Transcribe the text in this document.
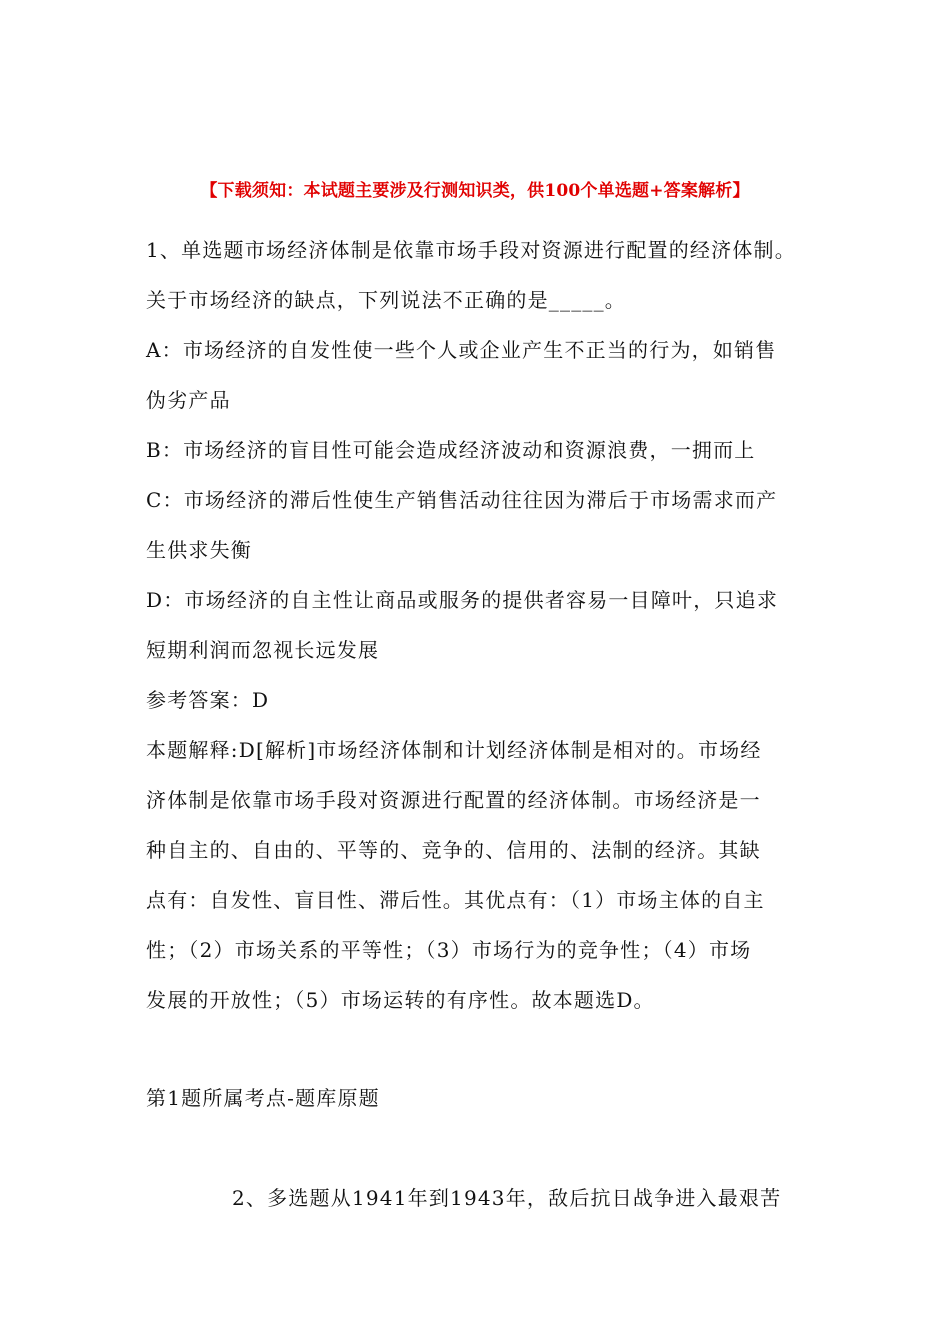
【下载须知：本试题主要涉及行测知识类，供100个单选题+答案解析】
1、单选题市场经济体制是依靠市场手段对资源进行配置的经济体制。
关于市场经济的缺点，下列说法不正确的是_____。
A：市场经济的自发性使一些个人或企业产生不正当的行为，如销售
伪劣产品
B：市场经济的盲目性可能会造成经济波动和资源浪费，一拥而上
C：市场经济的滞后性使生产销售活动往往因为滞后于市场需求而产
生供求失衡
D：市场经济的自主性让商品或服务的提供者容易一目障叶，只追求
短期利润而忽视长远发展
参考答案：D
本题解释:D[解析]市场经济体制和计划经济体制是相对的。市场经
济体制是依靠市场手段对资源进行配置的经济体制。市场经济是一
种自主的、自由的、平等的、竞争的、信用的、法制的经济。其缺
点有：自发性、盲目性、滞后性。其优点有：（1）市场主体的自主
性；（2）市场关系的平等性；（3）市场行为的竞争性；（4）市场
发展的开放性；（5）市场运转的有序性。故本题选D。
第1题所属考点-题库原题
2、多选题从1941年到1943年，敌后抗日战争进入最艰苦
